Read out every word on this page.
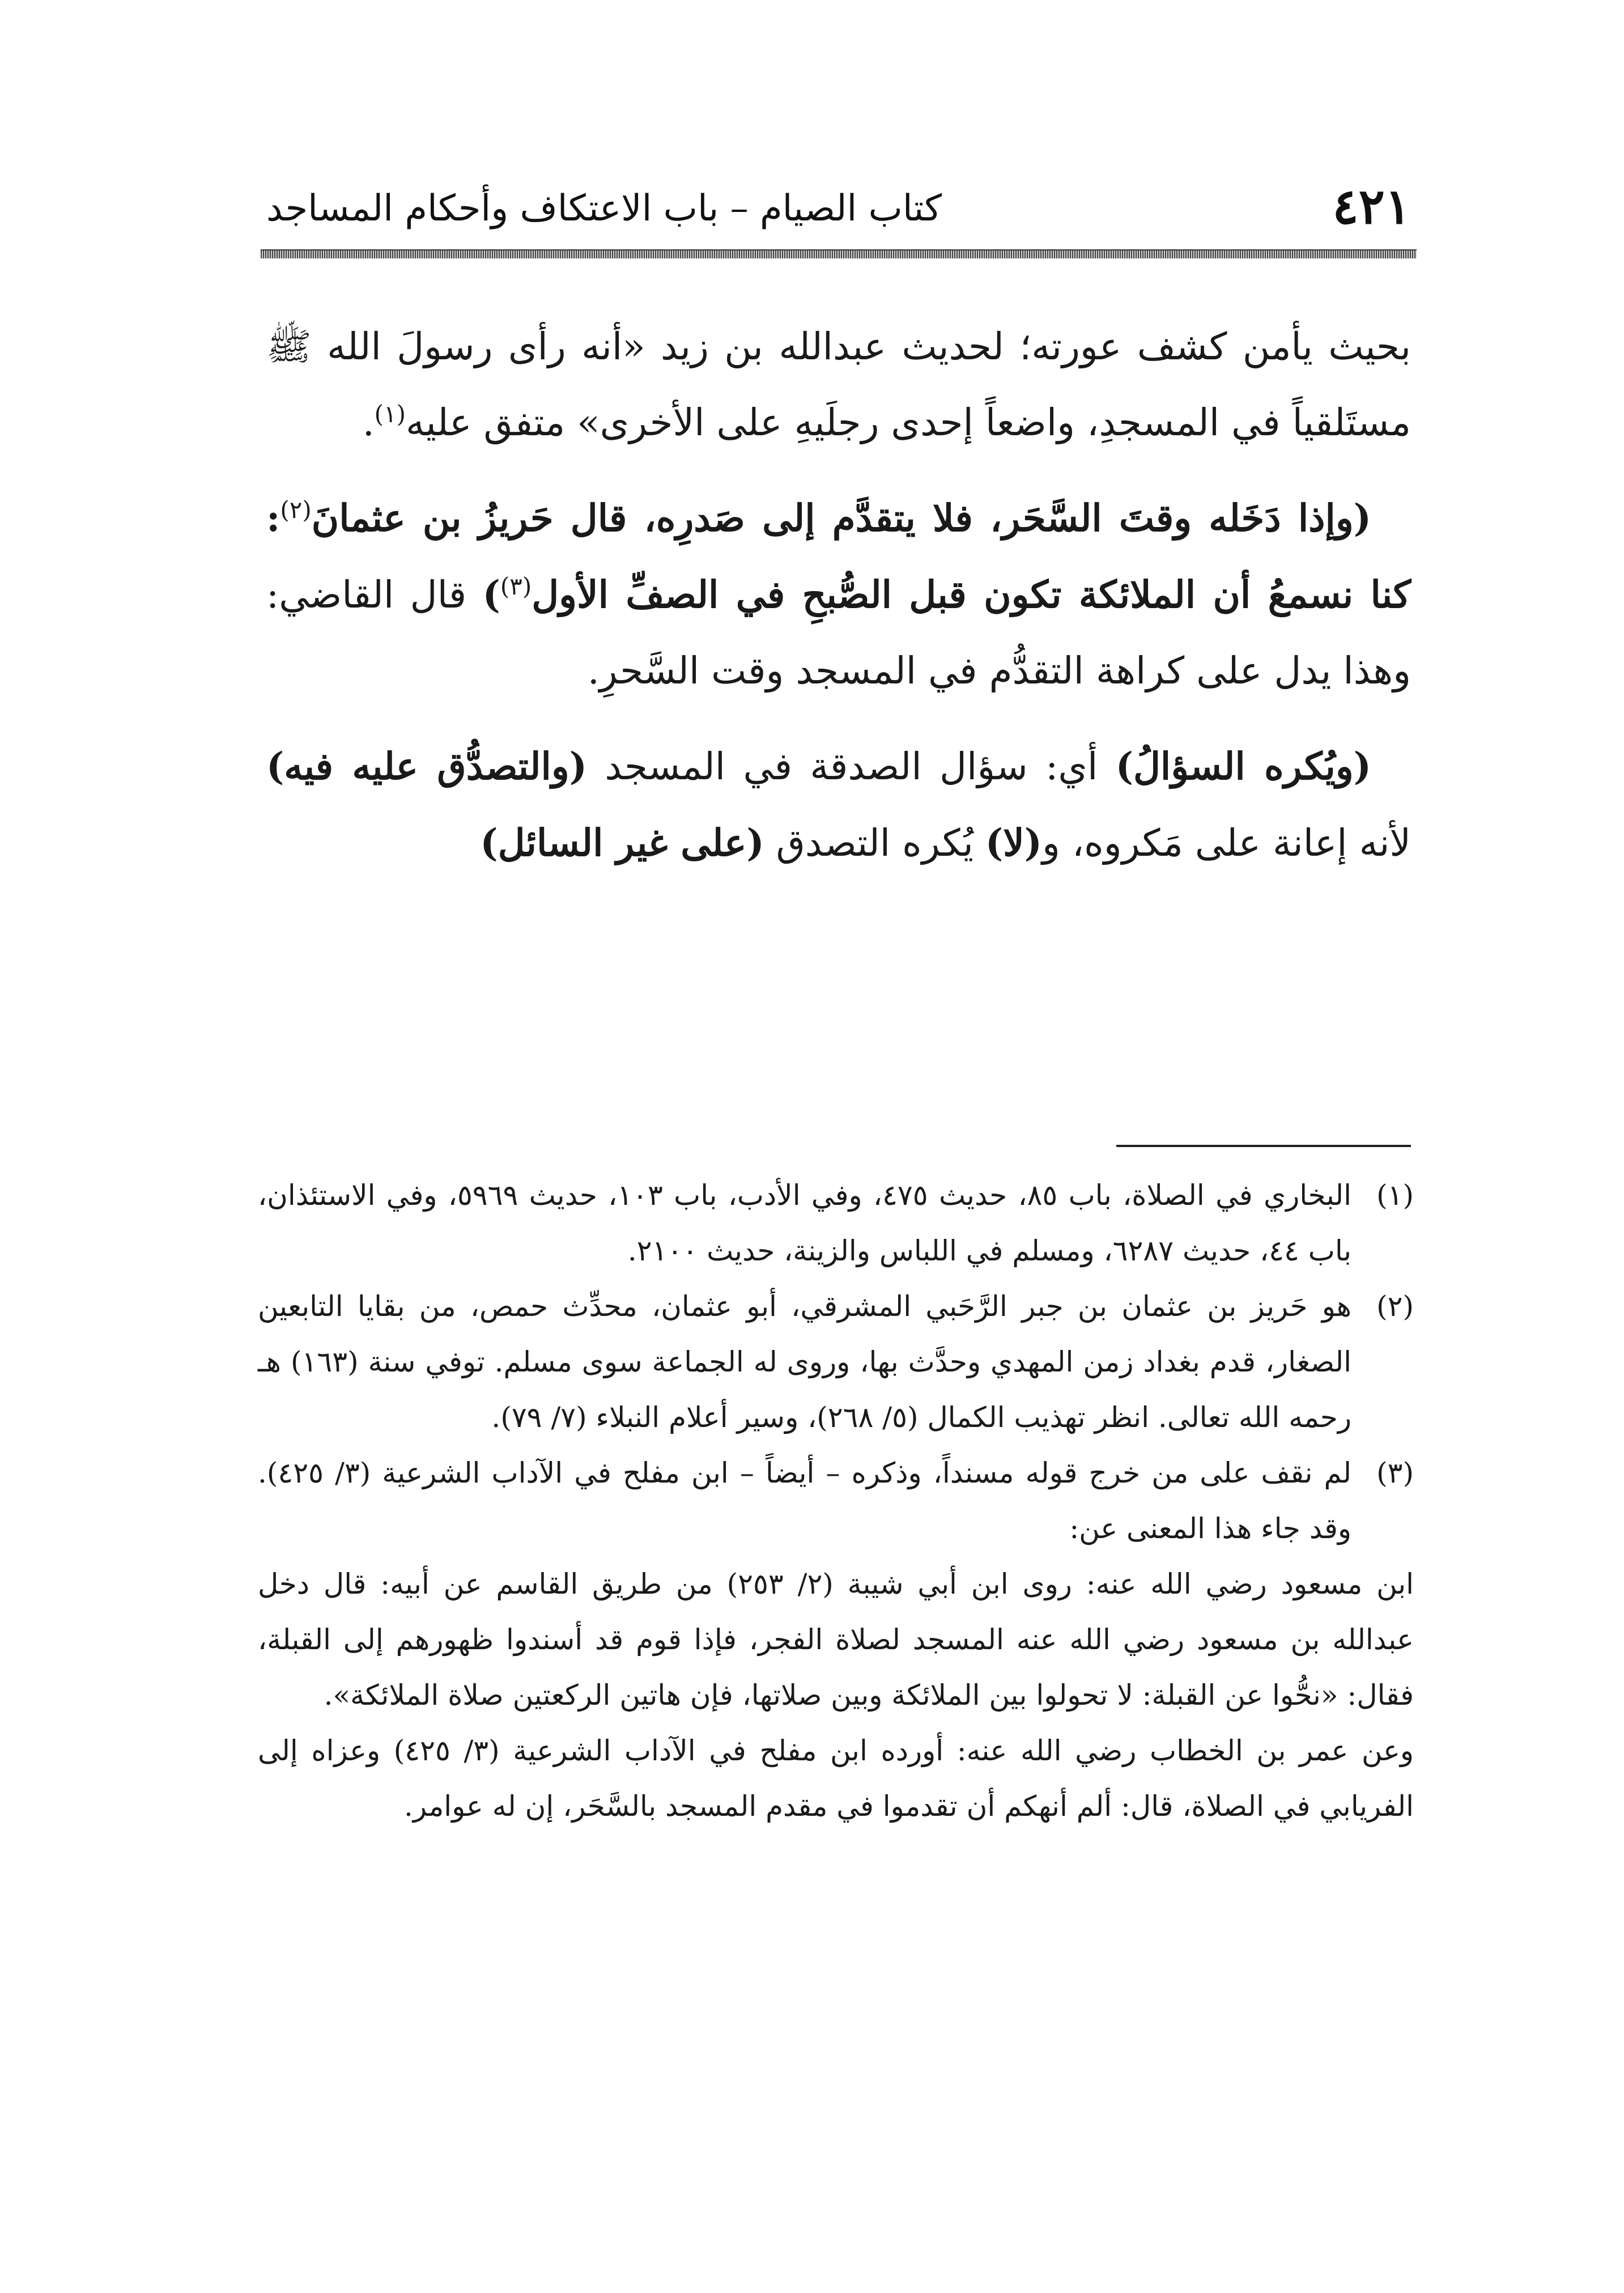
٤٢١
كتاب الصيام – باب الاعتكاف وأحكام المساجد

بحيث يأمن كشف عورته؛ لحديث عبدالله بن زيد «أنه رأى رسولَ الله ﷺ مستَلقياً في المسجدِ، واضعاً إحدى رجلَيهِ على الأخرى» متفق عليه$^{(١)}$.

(وإذا دَخَله وقتَ السَّحَر، فلا يتقدَّم إلى صَدرِه، قال حَريزُ بن عثمانَ$^{(٢)}$: كنا نسمعُ أن الملائكة تكون قبل الصُّبحِ في الصفِّ الأول$^{(٣)}$) قال القاضي: وهذا يدل على كراهة التقدُّم في المسجد وقت السَّحرِ.

(ويُكره السؤالُ) أي: سؤال الصدقة في المسجد (والتصدُّق عليه فيه) لأنه إعانة على مَكروه، و(لا) يُكره التصدق (على غير السائل)

(١)
البخاري في الصلاة، باب ٨٥، حديث ٤٧٥، وفي الأدب، باب ١٠٣، حديث ٥٩٦٩، وفي الاستئذان، باب ٤٤، حديث ٦٢٨٧، ومسلم في اللباس والزينة، حديث ٢١٠٠.
(٢)
هو حَريز بن عثمان بن جبر الرَّحَبي المشرقي، أبو عثمان، محدِّث حمص، من بقايا التابعين الصغار، قدم بغداد زمن المهدي وحدَّث بها، وروى له الجماعة سوى مسلم. توفي سنة (١٦٣) هـ رحمه الله تعالى. انظر تهذيب الكمال (٥/ ٢٦٨)، وسير أعلام النبلاء (٧/ ٧٩).
(٣)
لم نقف على من خرج قوله مسنداً، وذكره – أيضاً – ابن مفلح في الآداب الشرعية (٣/ ٤٢٥). وقد جاء هذا المعنى عن:

ابن مسعود رضي الله عنه: روى ابن أبي شيبة (٢/ ٢٥٣) من طريق القاسم عن أبيه: قال دخل عبدالله بن مسعود رضي الله عنه المسجد لصلاة الفجر، فإذا قوم قد أسندوا ظهورهم إلى القبلة، فقال: «نحُّوا عن القبلة: لا تحولوا بين الملائكة وبين صلاتها، فإن هاتين الركعتين صلاة الملائكة».

وعن عمر بن الخطاب رضي الله عنه: أورده ابن مفلح في الآداب الشرعية (٣/ ٤٢٥) وعزاه إلى الفريابي في الصلاة، قال: ألم أنهكم أن تقدموا في مقدم المسجد بالسَّحَر، إن له عوامر.
